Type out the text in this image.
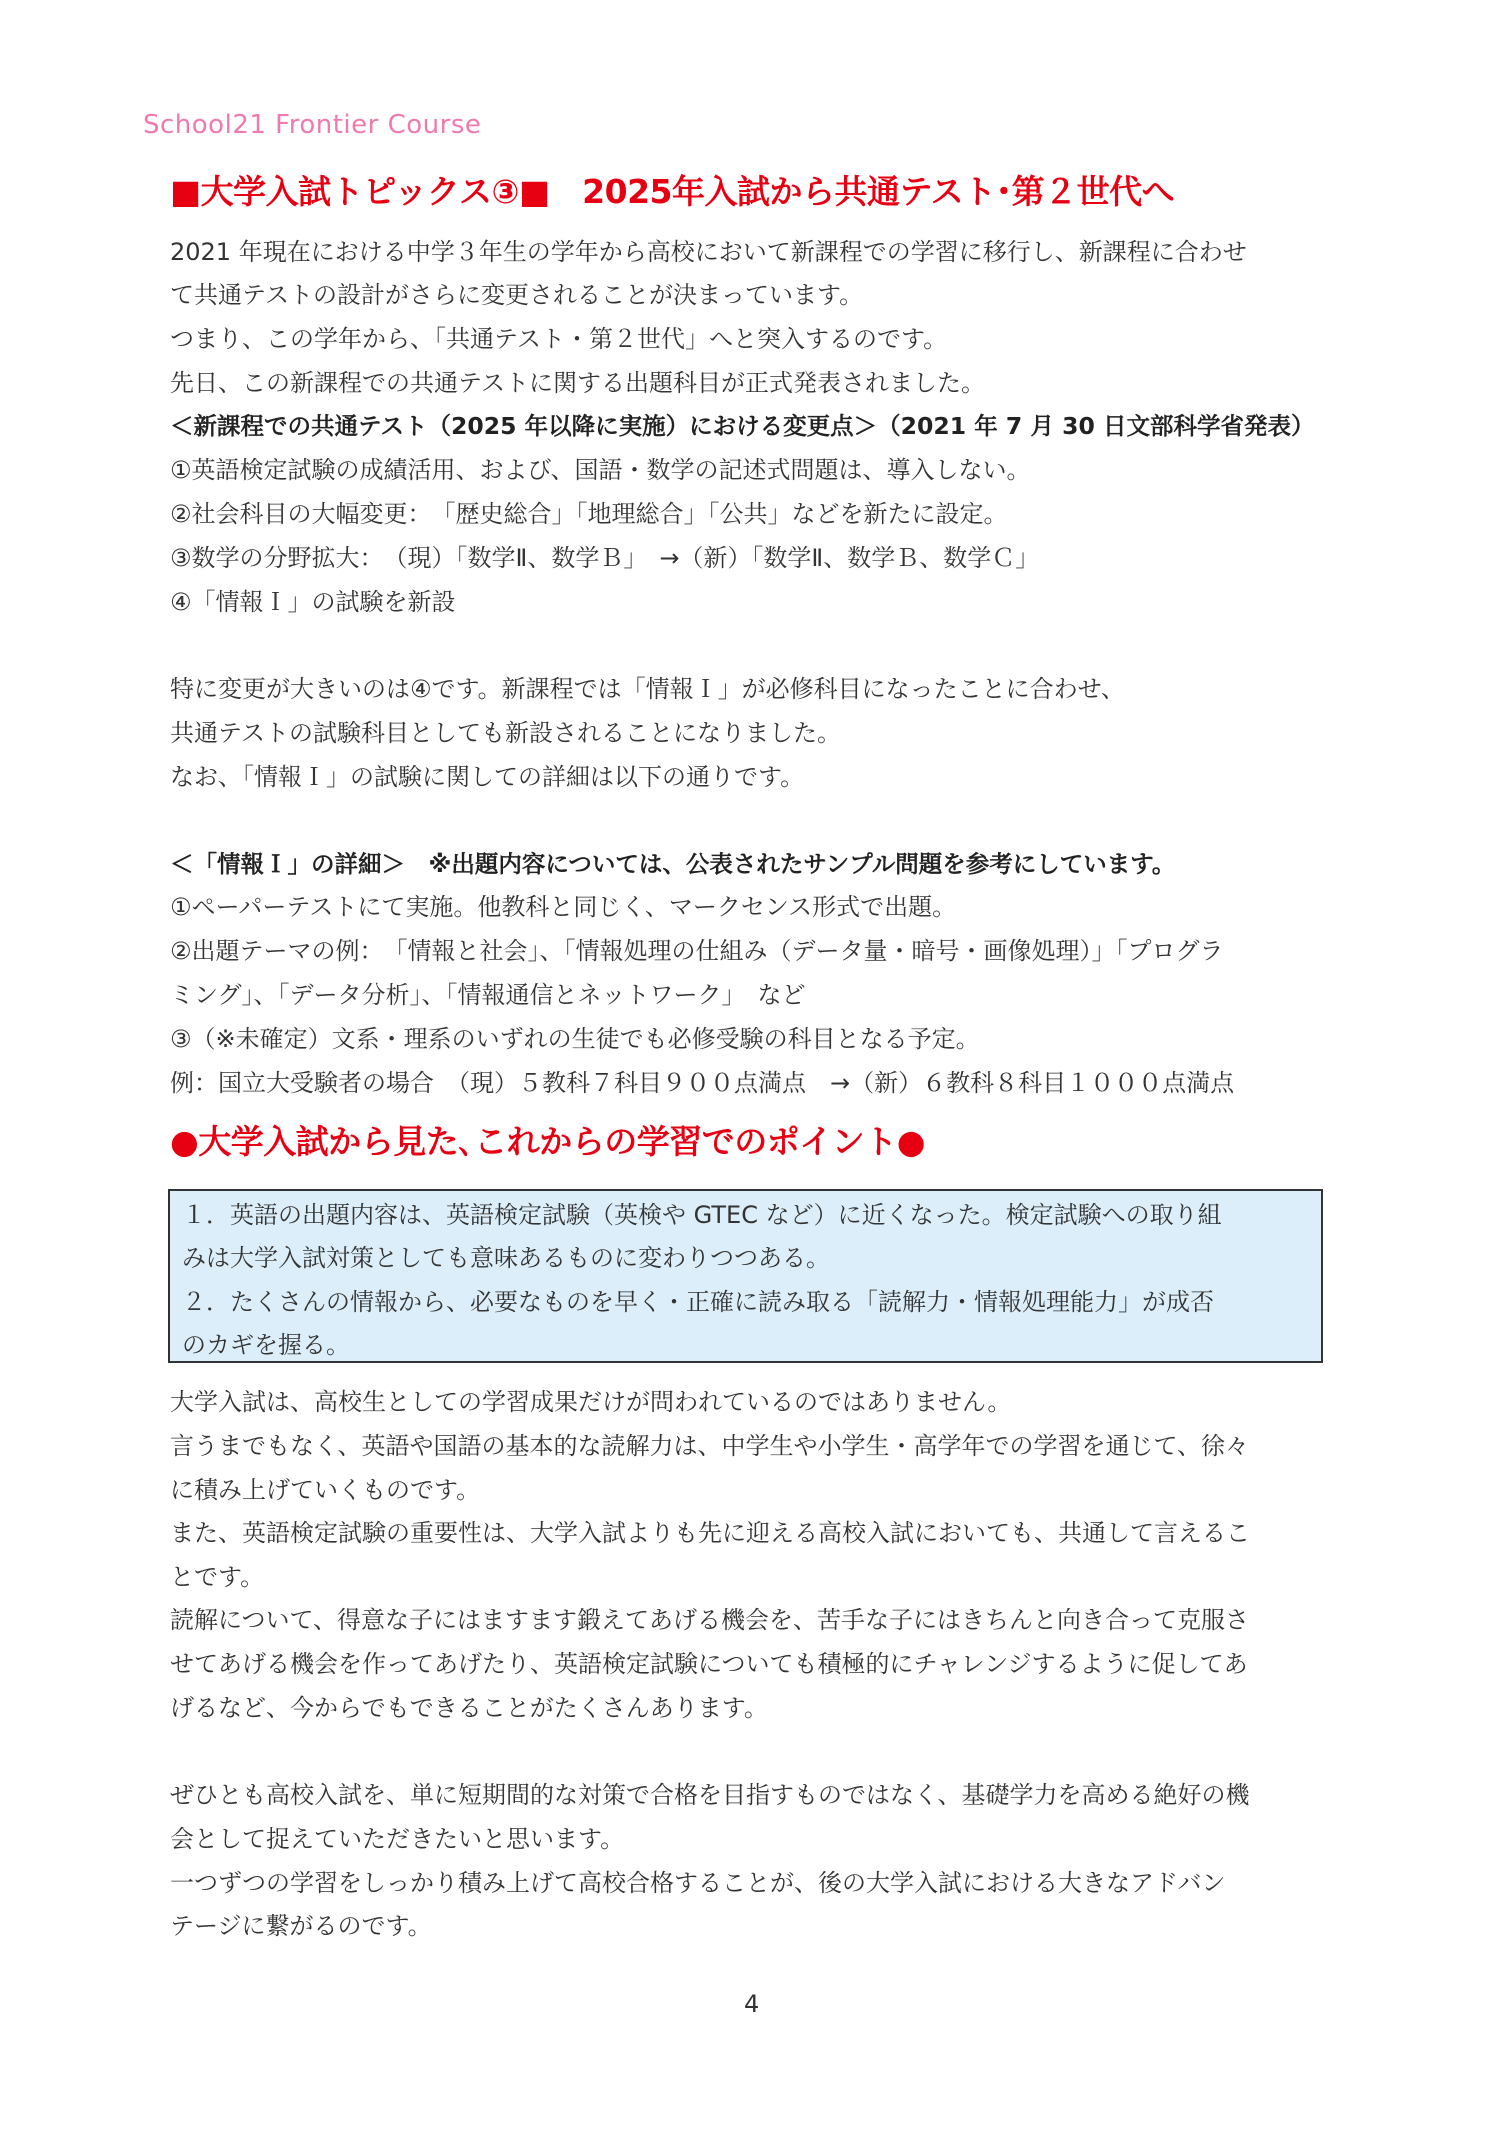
School21 Frontier Course
■大学入試トピックス③■　2025年入試から共通テスト･第２世代へ
2021 年現在における中学３年生の学年から高校において新課程での学習に移行し、新課程に合わせ
て共通テストの設計がさらに変更されることが決まっています。
つまり、この学年から、「共通テスト・第２世代」へと突入するのです。
先日、この新課程での共通テストに関する出題科目が正式発表されました。
＜新課程での共通テスト（2025 年以降に実施）における変更点＞（2021 年 7 月 30 日文部科学省発表）
①英語検定試験の成績活用、および、国語・数学の記述式問題は、導入しない。
②社会科目の大幅変更：　「歴史総合」「地理総合」「公共」などを新たに設定。
③数学の分野拡大：　（現）「数学Ⅱ、数学Ｂ」　→（新）「数学Ⅱ、数学Ｂ、数学Ｃ」
④「情報Ｉ」の試験を新設
特に変更が大きいのは④です。新課程では「情報Ｉ」が必修科目になったことに合わせ、
共通テストの試験科目としても新設されることになりました。
なお、「情報Ｉ」の試験に関しての詳細は以下の通りです。
＜「情報Ｉ」の詳細＞　※出題内容については、公表されたサンプル問題を参考にしています。
①ペーパーテストにて実施。他教科と同じく、マークセンス形式で出題。
②出題テーマの例：　「情報と社会」、「情報処理の仕組み（データ量・暗号・画像処理）」「プログラ
ミング」、「データ分析」、「情報通信とネットワーク」　など
③（※未確定）文系・理系のいずれの生徒でも必修受験の科目となる予定。
例：国立大受験者の場合　（現）５教科７科目９００点満点　→（新）６教科８科目１０００点満点
●大学入試から見た､これからの学習でのポイント●
１．英語の出題内容は、英語検定試験（英検や GTEC など）に近くなった。検定試験への取り組
みは大学入試対策としても意味あるものに変わりつつある。
２．たくさんの情報から、必要なものを早く・正確に読み取る「読解力・情報処理能力」が成否
のカギを握る。
大学入試は、高校生としての学習成果だけが問われているのではありません。
言うまでもなく、英語や国語の基本的な読解力は、中学生や小学生・高学年での学習を通じて、徐々
に積み上げていくものです。
また、英語検定試験の重要性は、大学入試よりも先に迎える高校入試においても、共通して言えるこ
とです。
読解について、得意な子にはますます鍛えてあげる機会を、苦手な子にはきちんと向き合って克服さ
せてあげる機会を作ってあげたり、英語検定試験についても積極的にチャレンジするように促してあ
げるなど、今からでもできることがたくさんあります。
ぜひとも高校入試を、単に短期間的な対策で合格を目指すものではなく、基礎学力を高める絶好の機
会として捉えていただきたいと思います。
一つずつの学習をしっかり積み上げて高校合格することが、後の大学入試における大きなアドバン
テージに繋がるのです。
4
